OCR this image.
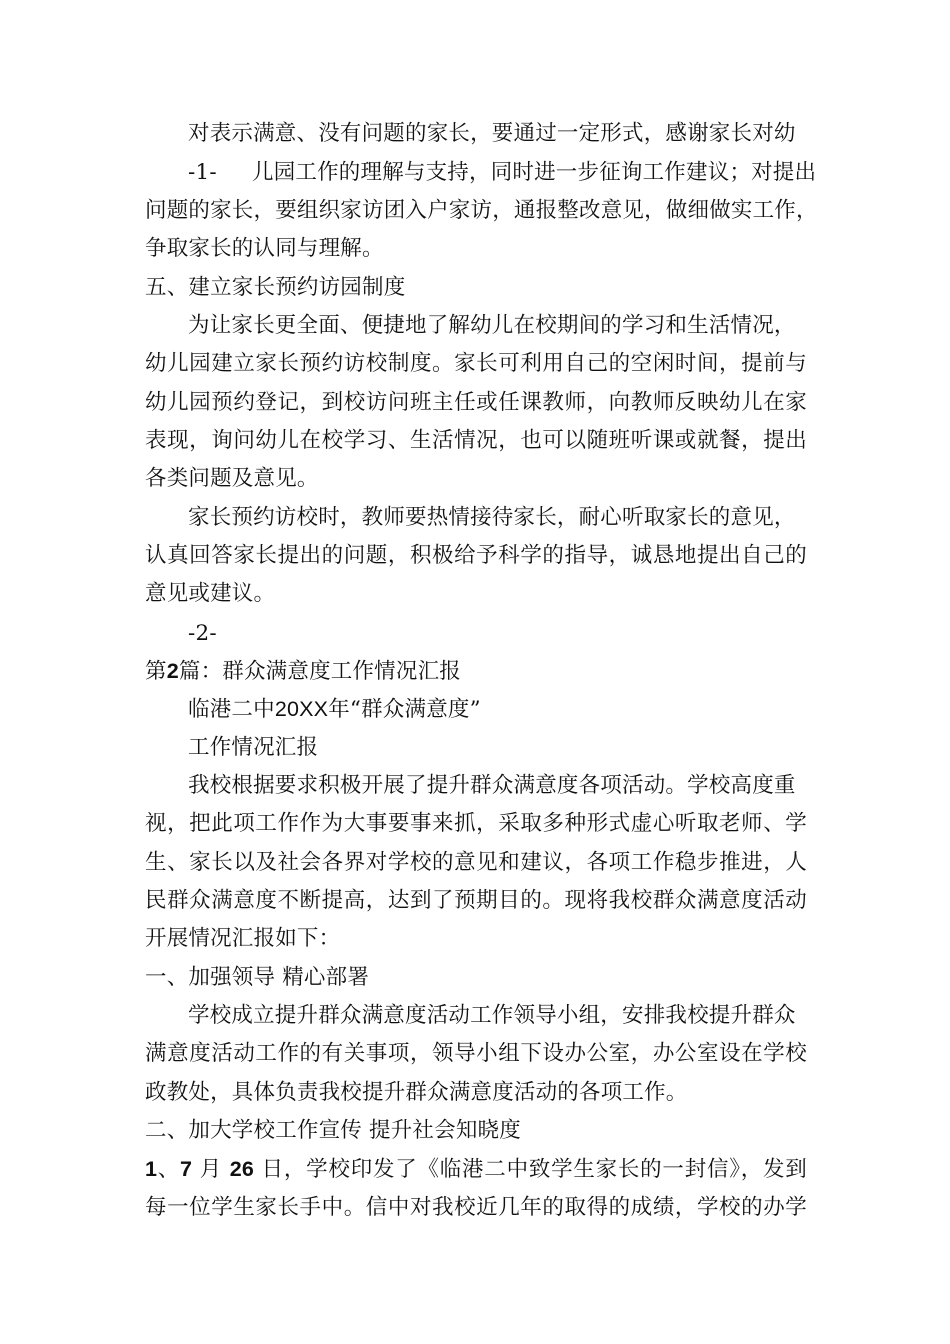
对表示满意、没有问题的家长，要通过一定形式，感谢家长对幼
-1- 儿园工作的理解与支持，同时进一步征询工作建议；对提出
问题的家长，要组织家访团入户家访，通报整改意见，做细做实工作，
争取家长的认同与理解。
五、建立家长预约访园制度
为让家长更全面、便捷地了解幼儿在校期间的学习和生活情况，
幼儿园建立家长预约访校制度。家长可利用自己的空闲时间，提前与
幼儿园预约登记，到校访问班主任或任课教师，向教师反映幼儿在家
表现，询问幼儿在校学习、生活情况，也可以随班听课或就餐，提出
各类问题及意见。
家长预约访校时，教师要热情接待家长，耐心听取家长的意见，
认真回答家长提出的问题，积极给予科学的指导，诚恳地提出自己的
意见或建议。
-2-
第2篇：群众满意度工作情况汇报
临港二中20XX年“群众满意度”
工作情况汇报
我校根据要求积极开展了提升群众满意度各项活动。学校高度重
视，把此项工作作为大事要事来抓，采取多种形式虚心听取老师、学
生、家长以及社会各界对学校的意见和建议，各项工作稳步推进，人
民群众满意度不断提高，达到了预期目的。现将我校群众满意度活动
开展情况汇报如下：
一、加强领导 精心部署
学校成立提升群众满意度活动工作领导小组，安排我校提升群众
满意度活动工作的有关事项，领导小组下设办公室，办公室设在学校
政教处，具体负责我校提升群众满意度活动的各项工作。
二、加大学校工作宣传 提升社会知晓度
1、7 月 26 日，学校印发了《临港二中致学生家长的一封信》，发到
每一位学生家长手中。信中对我校近几年的取得的成绩，学校的办学
